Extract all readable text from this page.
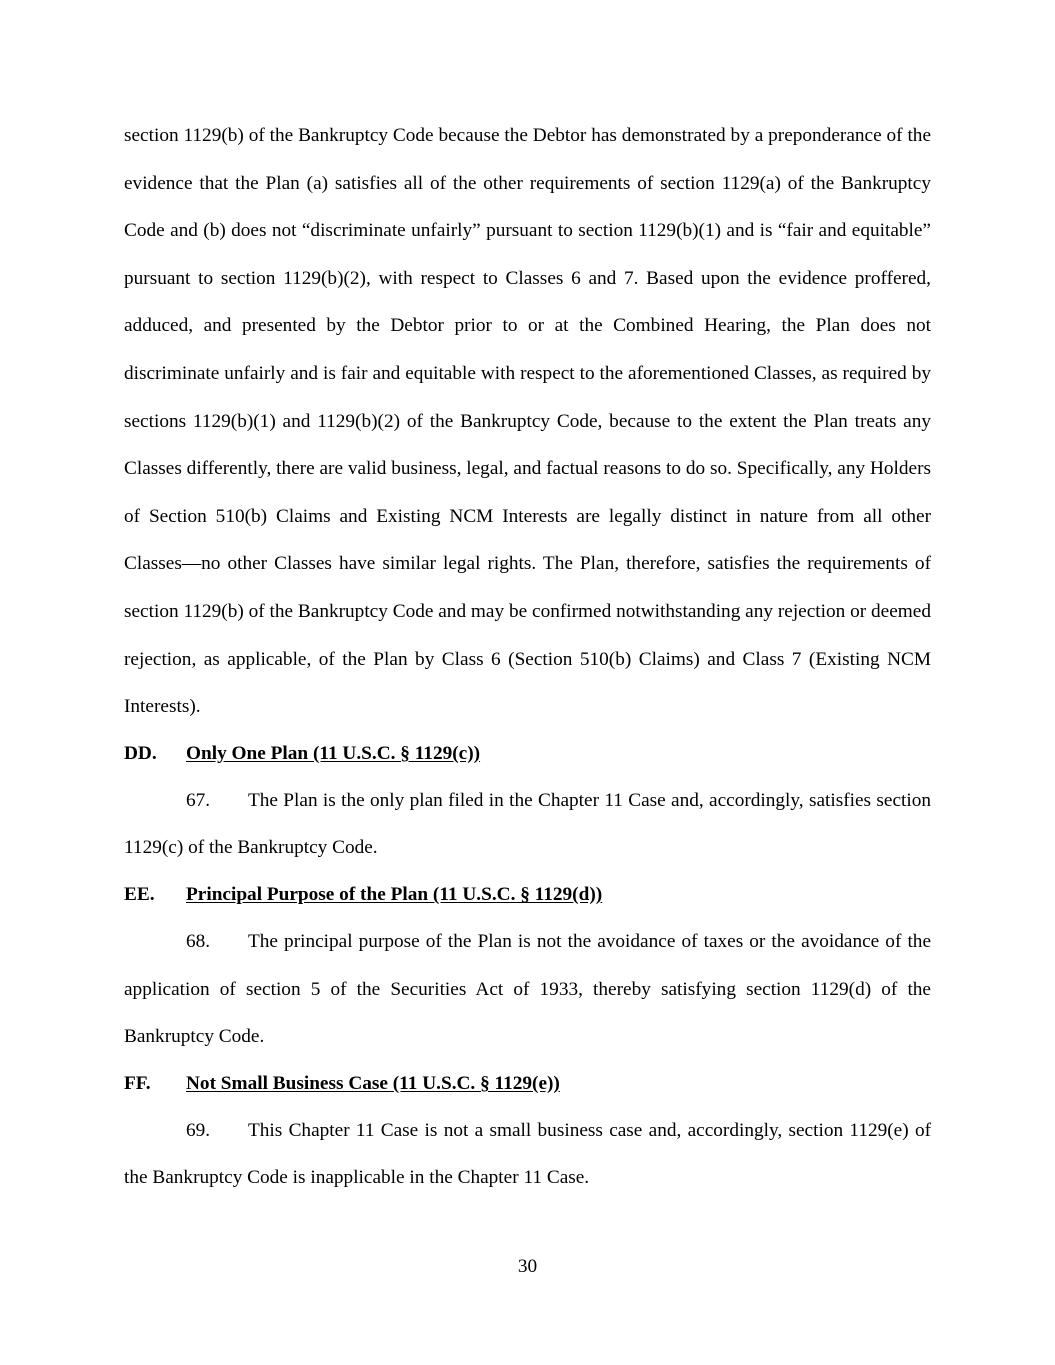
section 1129(b) of the Bankruptcy Code because the Debtor has demonstrated by a preponderance of the evidence that the Plan (a) satisfies all of the other requirements of section 1129(a) of the Bankruptcy Code and (b) does not “discriminate unfairly” pursuant to section 1129(b)(1) and is “fair and equitable” pursuant to section 1129(b)(2), with respect to Classes 6 and 7. Based upon the evidence proffered, adduced, and presented by the Debtor prior to or at the Combined Hearing, the Plan does not discriminate unfairly and is fair and equitable with respect to the aforementioned Classes, as required by sections 1129(b)(1) and 1129(b)(2) of the Bankruptcy Code, because to the extent the Plan treats any Classes differently, there are valid business, legal, and factual reasons to do so. Specifically, any Holders of Section 510(b) Claims and Existing NCM Interests are legally distinct in nature from all other Classes—no other Classes have similar legal rights. The Plan, therefore, satisfies the requirements of section 1129(b) of the Bankruptcy Code and may be confirmed notwithstanding any rejection or deemed rejection, as applicable, of the Plan by Class 6 (Section 510(b) Claims) and Class 7 (Existing NCM Interests).

DD. Only One Plan (11 U.S.C. § 1129(c))

67. The Plan is the only plan filed in the Chapter 11 Case and, accordingly, satisfies section 1129(c) of the Bankruptcy Code.

EE. Principal Purpose of the Plan (11 U.S.C. § 1129(d))

68. The principal purpose of the Plan is not the avoidance of taxes or the avoidance of the application of section 5 of the Securities Act of 1933, thereby satisfying section 1129(d) of the Bankruptcy Code.

FF. Not Small Business Case (11 U.S.C. § 1129(e))

69. This Chapter 11 Case is not a small business case and, accordingly, section 1129(e) of the Bankruptcy Code is inapplicable in the Chapter 11 Case.

30
